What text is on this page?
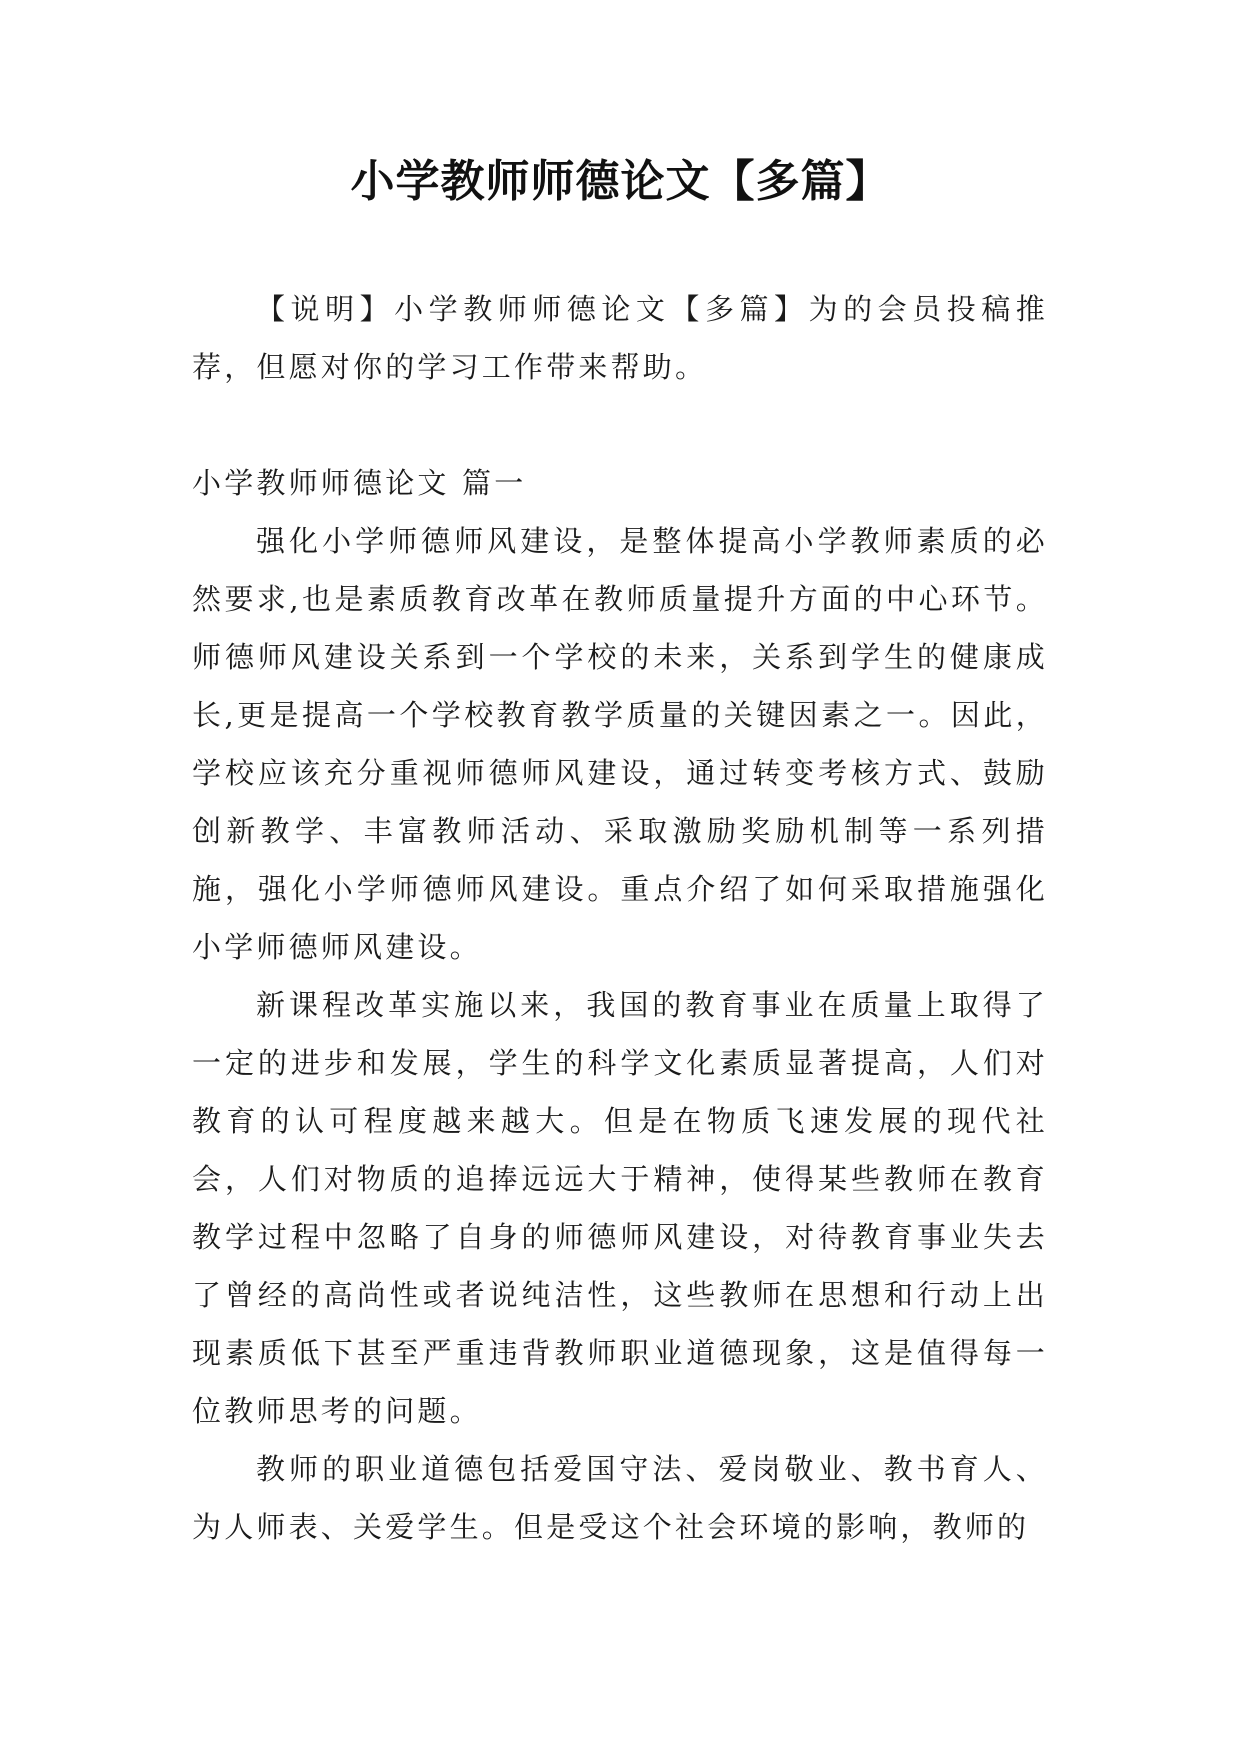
小学教师师德论文【多篇】

【说明】小学教师师德论文【多篇】为的会员投稿推荐，但愿对你的学习工作带来帮助。

小学教师师德论文 篇一

强化小学师德师风建设，是整体提高小学教师素质的必然要求,也是素质教育改革在教师质量提升方面的中心环节。师德师风建设关系到一个学校的未来，关系到学生的健康成长,更是提高一个学校教育教学质量的关键因素之一。因此，学校应该充分重视师德师风建设，通过转变考核方式、鼓励创新教学、丰富教师活动、采取激励奖励机制等一系列措施，强化小学师德师风建设。重点介绍了如何采取措施强化小学师德师风建设。

新课程改革实施以来，我国的教育事业在质量上取得了一定的进步和发展，学生的科学文化素质显著提高，人们对教育的认可程度越来越大。但是在物质飞速发展的现代社会，人们对物质的追捧远远大于精神，使得某些教师在教育教学过程中忽略了自身的师德师风建设，对待教育事业失去了曾经的高尚性或者说纯洁性，这些教师在思想和行动上出现素质低下甚至严重违背教师职业道德现象，这是值得每一位教师思考的问题。

教师的职业道德包括爱国守法、爱岗敬业、教书育人、为人师表、关爱学生。但是受这个社会环境的影响，教师的
